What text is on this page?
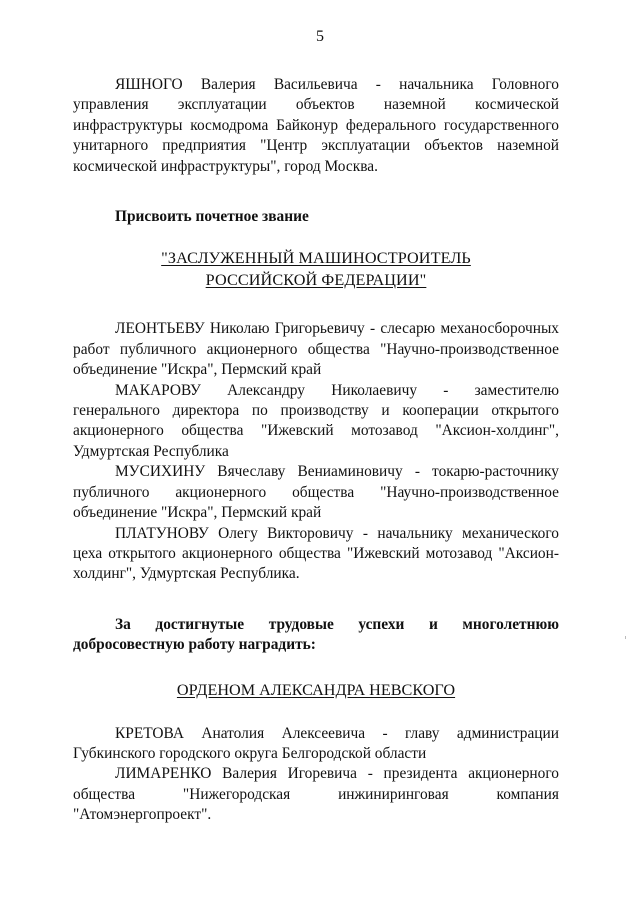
5

ЯШНОГО Валерия Васильевича - начальника Головного управления эксплуатации объектов наземной космической инфраструктуры космодрома Байконур федерального государственного унитарного предприятия "Центр эксплуатации объектов наземной космической инфраструктуры", город Москва.

Присвоить почетное звание

"ЗАСЛУЖЕННЫЙ МАШИНОСТРОИТЕЛЬ
РОССИЙСКОЙ ФЕДЕРАЦИИ"

ЛЕОНТЬЕВУ Николаю Григорьевичу - слесарю механосборочных работ публичного акционерного общества "Научно-производственное объединение "Искра", Пермский край

МАКАРОВУ Александру Николаевичу - заместителю генерального директора по производству и кооперации открытого акционерного общества "Ижевский мотозавод "Аксион-холдинг", Удмуртская Республика

МУСИХИНУ Вячеславу Вениаминовичу - токарю-расточнику публичного акционерного общества "Научно-производственное объединение "Искра", Пермский край

ПЛАТУНОВУ Олегу Викторовичу - начальнику механического цеха открытого акционерного общества "Ижевский мотозавод "Аксион-холдинг", Удмуртская Республика.

За достигнутые трудовые успехи и многолетнюю добросовестную работу наградить:

ОРДЕНОМ АЛЕКСАНДРА НЕВСКОГО

КРЕТОВА Анатолия Алексеевича - главу администрации Губкинского городского округа Белгородской области

ЛИМАРЕНКО Валерия Игоревича - президента акционерного общества "Нижегородская инжиниринговая компания "Атомэнергопроект".
